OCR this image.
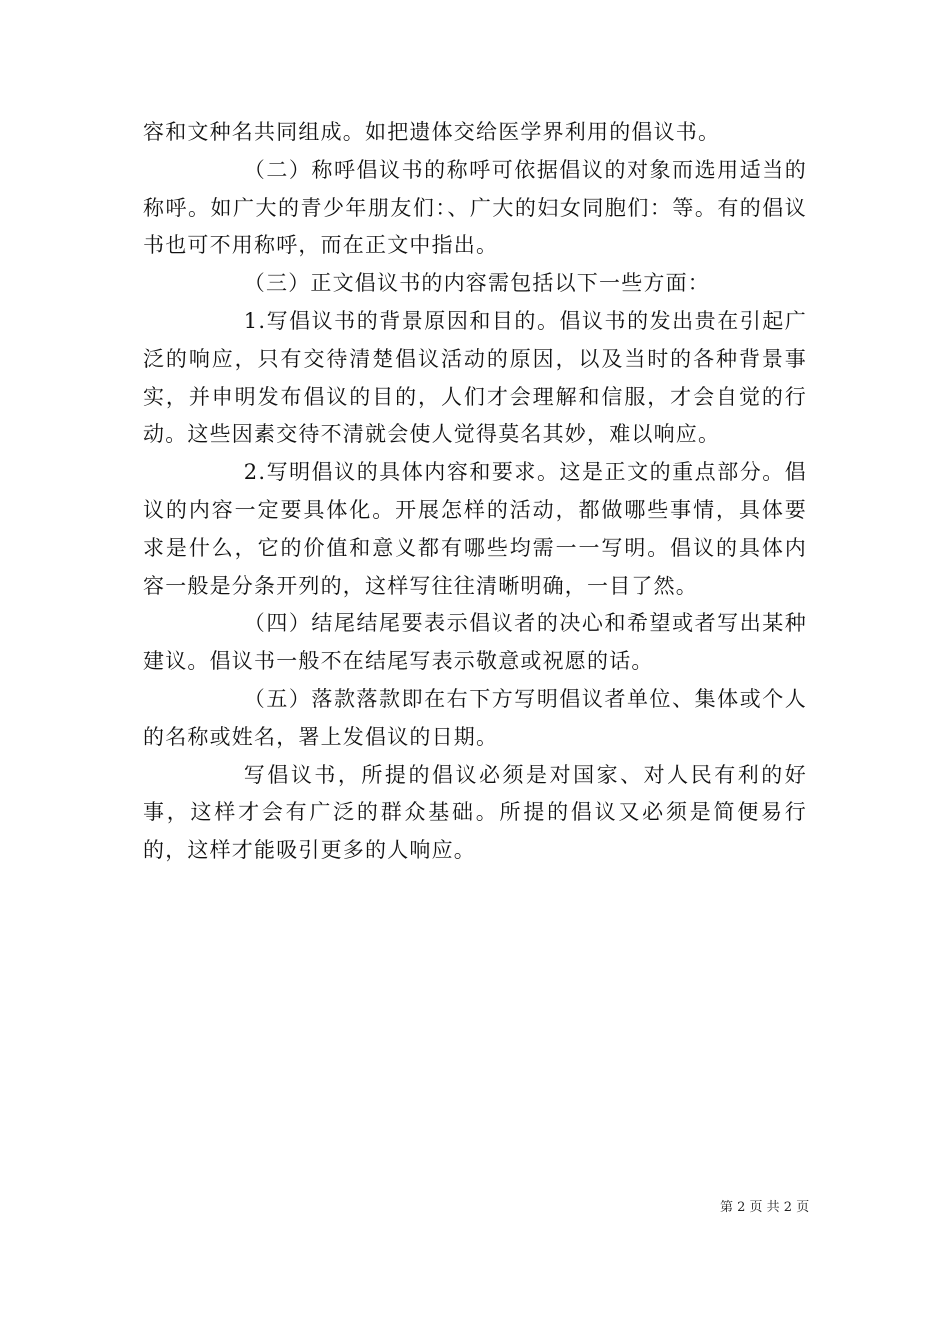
容和文种名共同组成。如把遗体交给医学界利用的倡议书。

（二）称呼倡议书的称呼可依据倡议的对象而选用适当的称呼。如广大的青少年朋友们：、广大的妇女同胞们：等。有的倡议书也可不用称呼，而在正文中指出。

（三）正文倡议书的内容需包括以下一些方面：

1.写倡议书的背景原因和目的。倡议书的发出贵在引起广泛的响应，只有交待清楚倡议活动的原因，以及当时的各种背景事实，并申明发布倡议的目的，人们才会理解和信服，才会自觉的行动。这些因素交待不清就会使人觉得莫名其妙，难以响应。

2.写明倡议的具体内容和要求。这是正文的重点部分。倡议的内容一定要具体化。开展怎样的活动，都做哪些事情，具体要求是什么，它的价值和意义都有哪些均需一一写明。倡议的具体内容一般是分条开列的，这样写往往清晰明确，一目了然。

（四）结尾结尾要表示倡议者的决心和希望或者写出某种建议。倡议书一般不在结尾写表示敬意或祝愿的话。

（五）落款落款即在右下方写明倡议者单位、集体或个人的名称或姓名，署上发倡议的日期。

写倡议书，所提的倡议必须是对国家、对人民有利的好事，这样才会有广泛的群众基础。所提的倡议又必须是简便易行的，这样才能吸引更多的人响应。

第 2 页 共 2 页
